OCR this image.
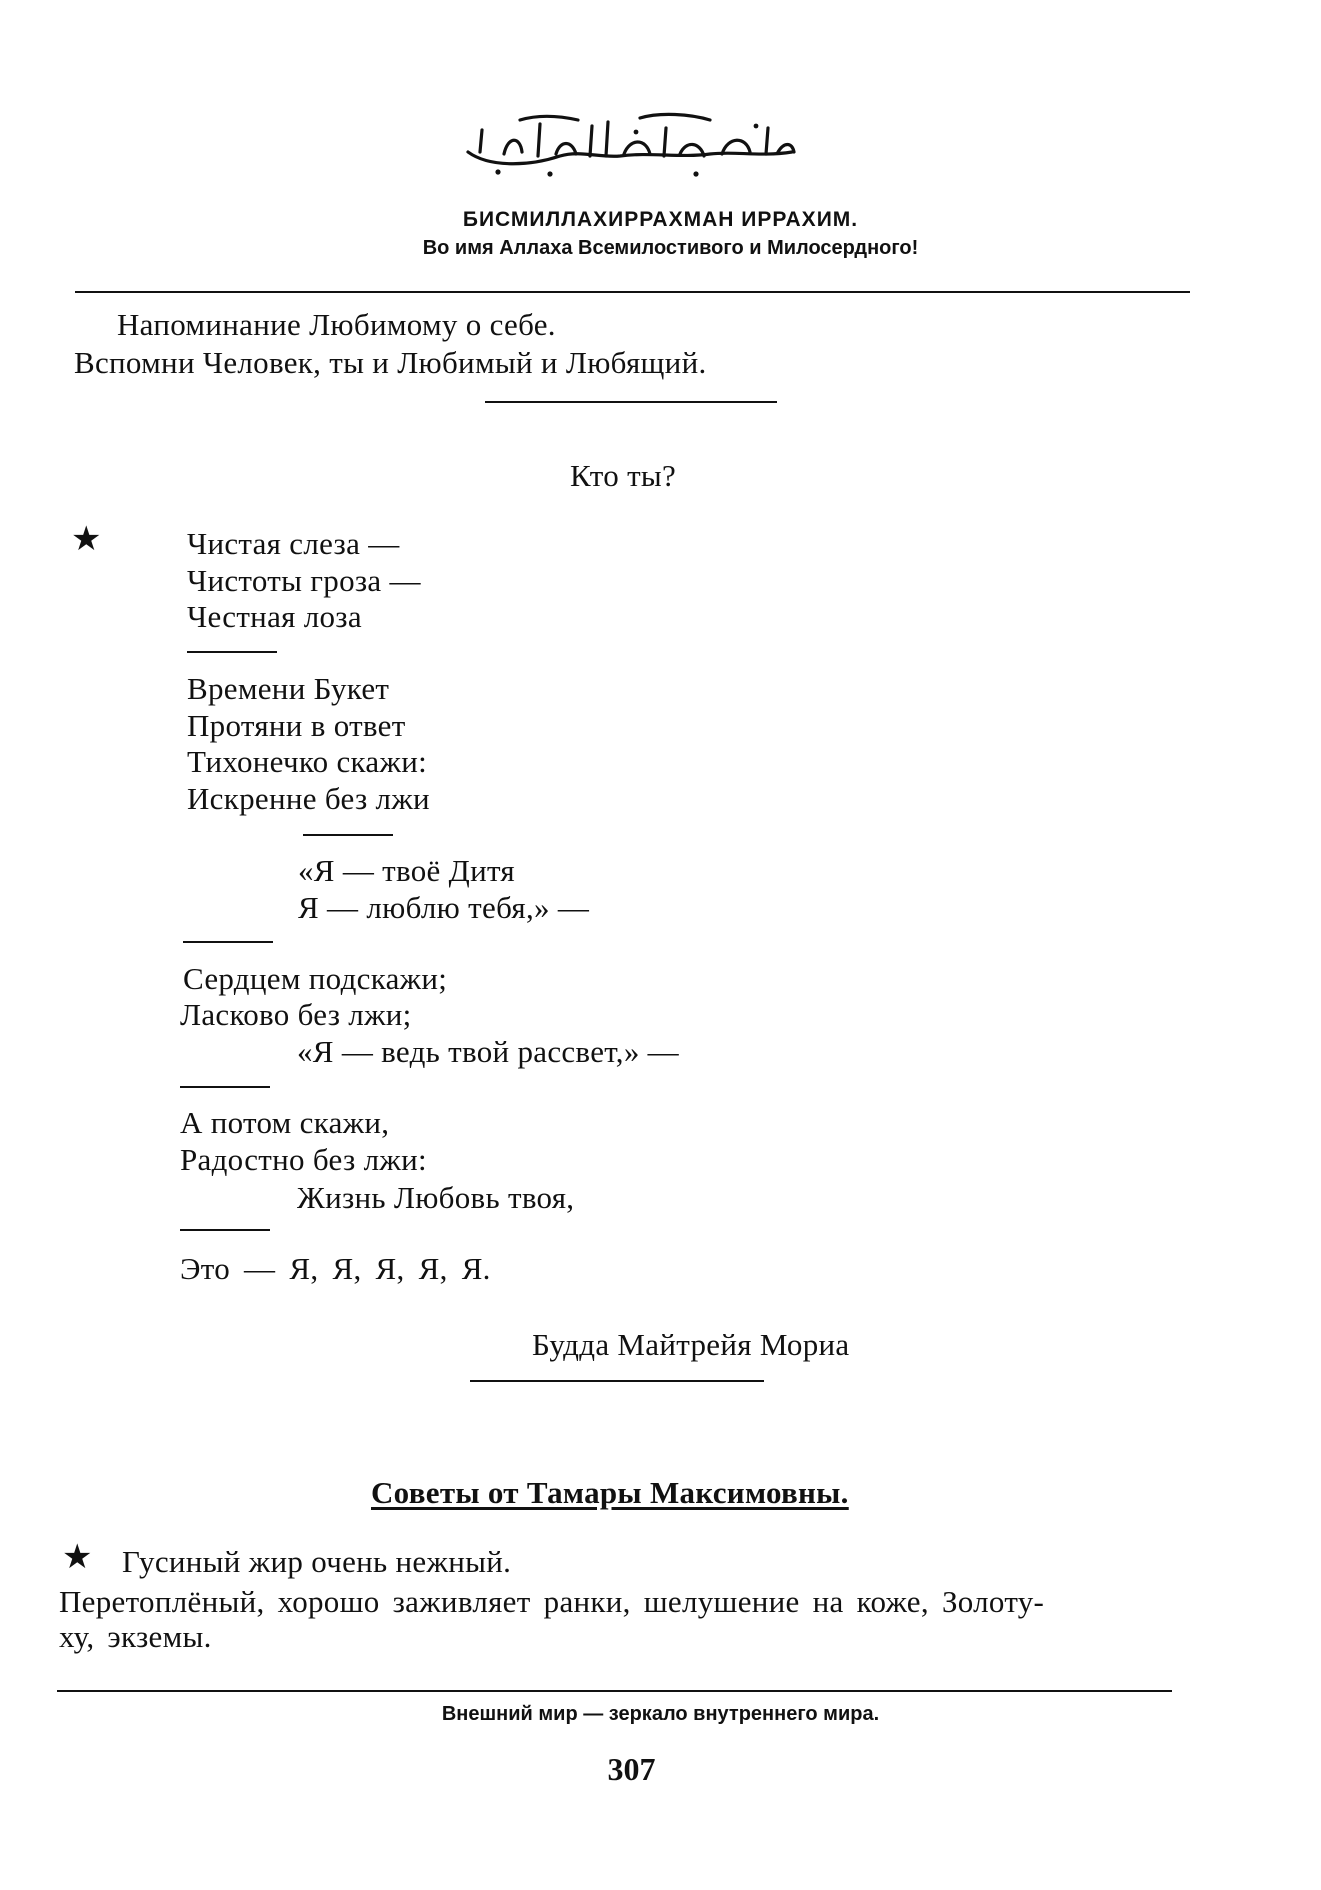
БИСМИЛЛАХИРРАХМАН ИРРАХИМ.
Во имя Аллаха Всемилостивого и Милосердного!
Напоминание Любимому о себе.
Вспомни Человек, ты и Любимый и Любящий.
Кто ты?
★	Чистая слеза —
Чистоты гроза —
Честная лоза
Времени Букет
Протяни в ответ
Тихонечко скажи:
Искренне без лжи
«Я — твоё Дитя
Я — люблю тебя,» —
Сердцем подскажи;
Ласково без лжи;
«Я — ведь твой рассвет,» —
А потом скажи,
Радостно без лжи:
Жизнь Любовь твоя,
Это — Я, Я, Я, Я, Я.
Будда Майтрейя Мориа
Советы от Тамары Максимовны.
★ Гусиный жир очень нежный.
Перетоплёный, хорошо заживляет ранки, шелушение на коже, Золоту-
ху, экземы.
Внешний мир — зеркало внутреннего мира.
307
